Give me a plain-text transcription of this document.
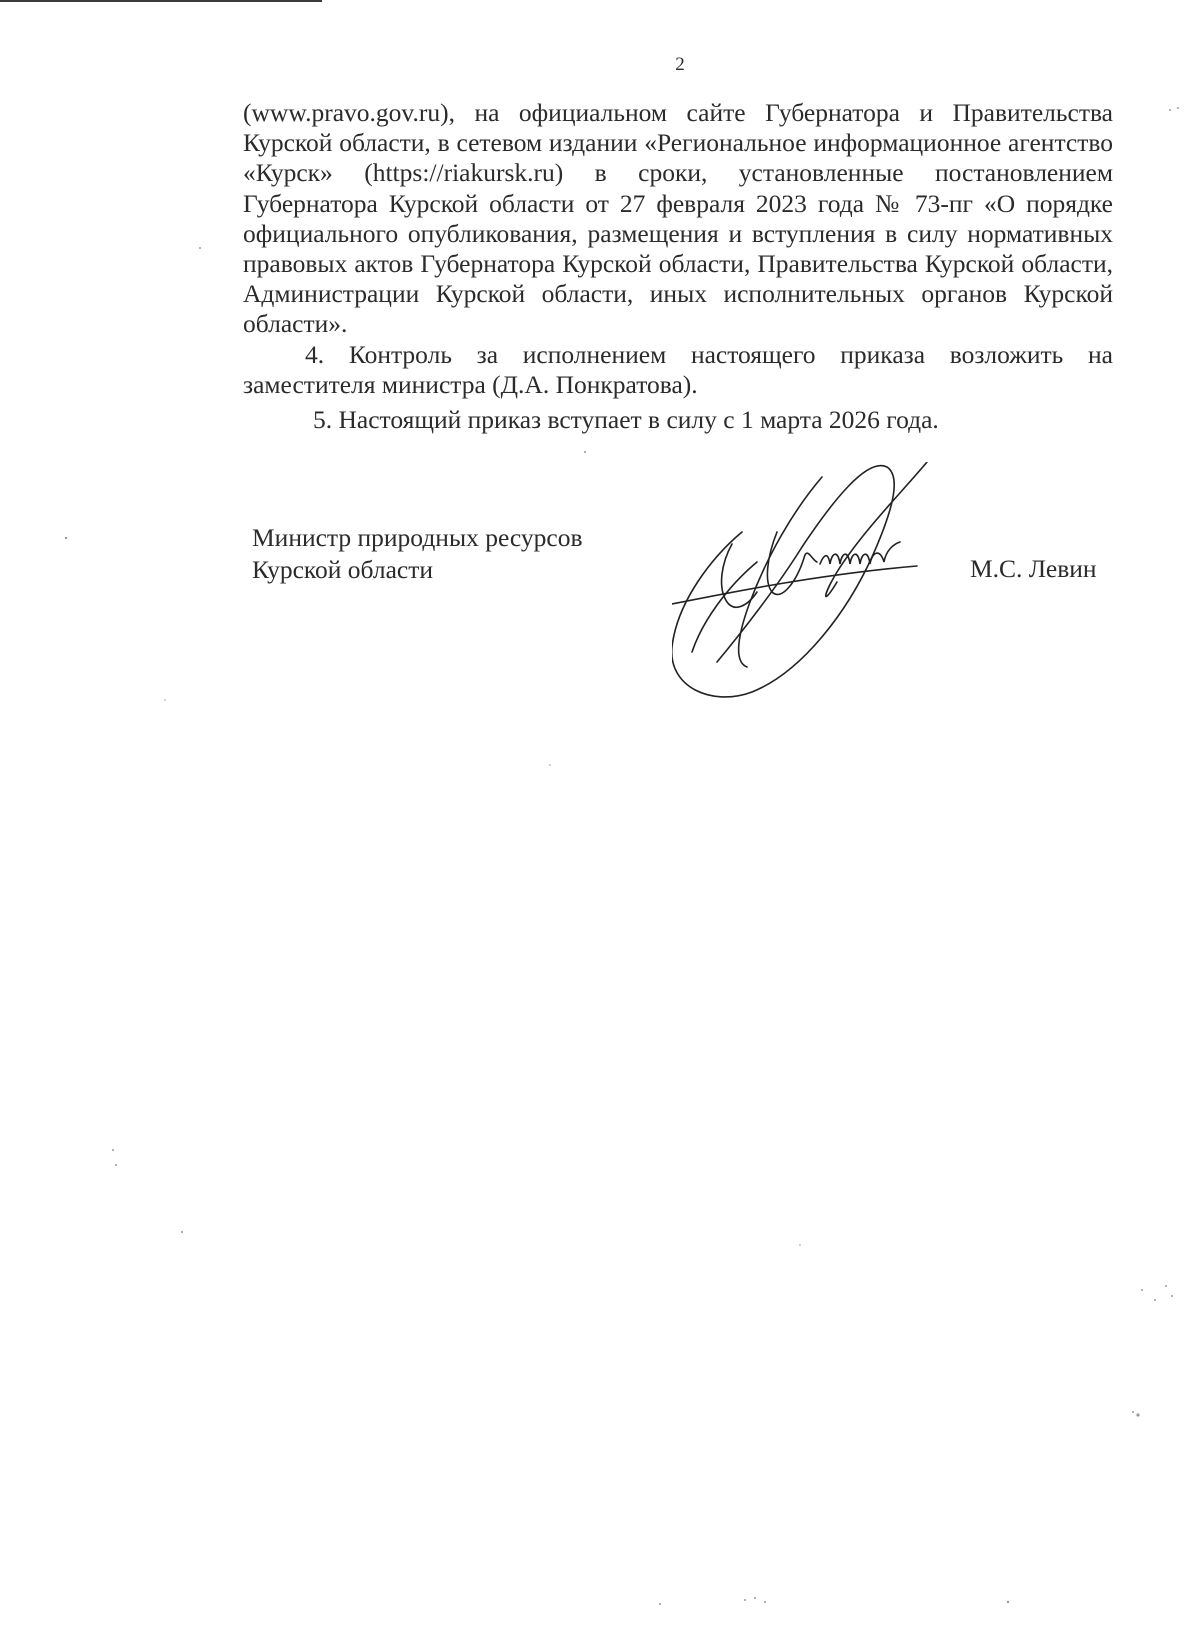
2

(www.pravo.gov.ru), на официальном сайте Губернатора и Правительства Курской области, в сетевом издании «Региональное информационное агентство «Курск» (https://riakursk.ru) в сроки, установленные постановлением Губернатора Курской области от 27 февраля 2023 года № 73-пг «О порядке официального опубликования, размещения и вступления в силу нормативных правовых актов Губернатора Курской области, Правительства Курской области, Администрации Курской области, иных исполнительных органов Курской области».

4. Контроль за исполнением настоящего приказа возложить на заместителя министра (Д.А. Понкратова).

5. Настоящий приказ вступает в силу с 1 марта 2026 года.

Министр природных ресурсов
Курской области	М.С. Левин
